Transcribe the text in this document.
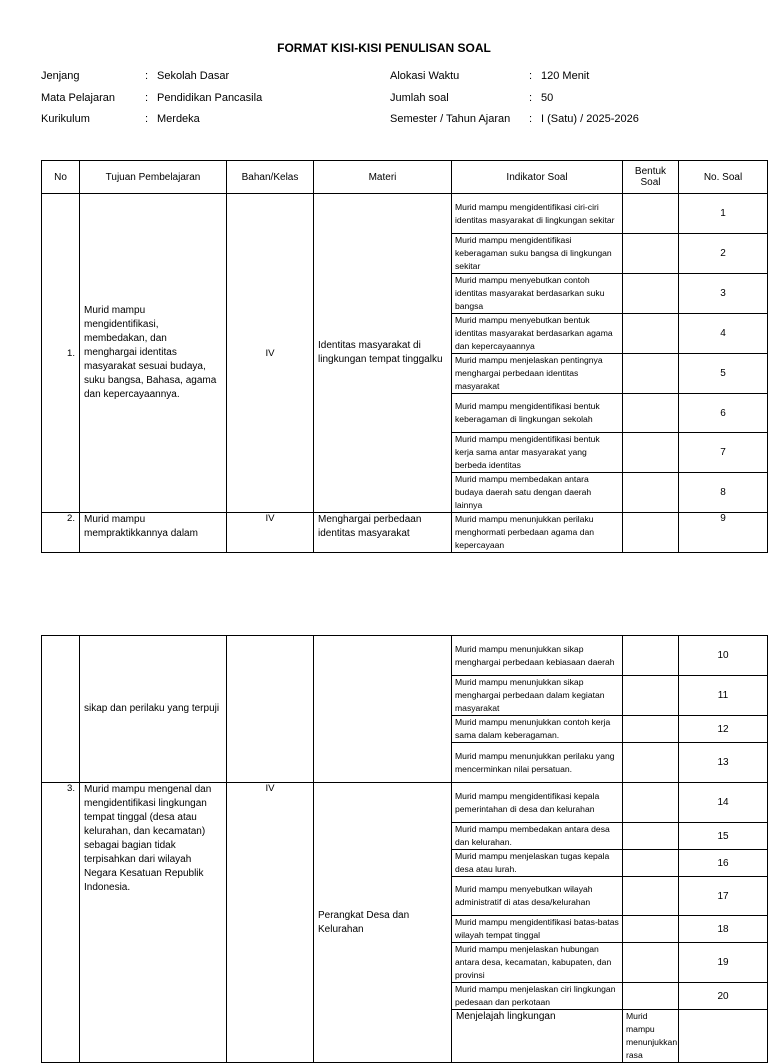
FORMAT KISI-KISI PENULISAN SOAL
Jenjang	: Sekolah Dasar
Mata Pelajaran	: Pendidikan Pancasila
Kurikulum	: Merdeka
Alokasi Waktu	: 120 Menit
Jumlah soal	: 50
Semester / Tahun Ajaran	: I (Satu) / 2025-2026
No	Tujuan Pembelajaran	Bahan/Kelas	Materi	Indikator Soal	Bentuk Soal	No. Soal
1.	Murid mampu mengidentifikasi, membedakan, dan menghargai identitas masyarakat sesuai budaya, suku bangsa, Bahasa, agama dan kepercayaannya.	IV	Identitas masyarakat di lingkungan tempat tinggalku	Murid mampu mengidentifikasi ciri-ciri identitas masyarakat di lingkungan sekitar		1
				Murid mampu mengidentifikasi keberagaman suku bangsa di lingkungan sekitar		2
				Murid mampu menyebutkan contoh identitas masyarakat berdasarkan suku bangsa		3
				Murid mampu menyebutkan bentuk identitas masyarakat berdasarkan agama dan kepercayaannya		4
				Murid mampu menjelaskan pentingnya menghargai perbedaan identitas masyarakat		5
				Murid mampu mengidentifikasi bentuk keberagaman di lingkungan sekolah		6
				Murid mampu mengidentifikasi bentuk kerja sama antar masyarakat yang berbeda identitas		7
				Murid mampu membedakan antara budaya daerah satu dengan daerah lainnya		8
2.	Murid mampu mempraktikkannya dalam	IV	Menghargai perbedaan identitas masyarakat	Murid mampu menunjukkan perilaku menghormati perbedaan agama dan kepercayaan		9
	sikap dan perilaku yang terpuji			Murid mampu menunjukkan sikap menghargai perbedaan kebiasaan daerah		10	
				Murid mampu menunjukkan sikap menghargai perbedaan dalam kegiatan masyarakat		11	
				Murid mampu menunjukkan contoh kerja sama dalam keberagaman.		12	
				Murid mampu menunjukkan perilaku yang mencerminkan nilai persatuan.		13	
3.	Murid mampu mengenal dan mengidentifikasi lingkungan tempat tinggal (desa atau kelurahan, dan kecamatan) sebagai bagian tidak terpisahkan dari wilayah Negara Kesatuan Republik Indonesia.	IV	Perangkat Desa dan Kelurahan	Murid mampu mengidentifikasi kepala pemerintahan di desa dan kelurahan		14	
				Murid mampu membedakan antara desa dan kelurahan.		15	
				Murid mampu menjelaskan tugas kepala desa atau lurah.		16	
				Murid mampu menyebutkan wilayah administratif di atas desa/kelurahan		17	
				Murid mampu mengidentifikasi batas-batas wilayah tempat tinggal		18	
				Murid mampu menjelaskan hubungan antara desa, kecamatan, kabupaten, dan provinsi		19	
				Murid mampu menjelaskan ciri lingkungan pedesaan dan perkotaan		20	
				Menjelajah lingkungan	Murid mampu menunjukkan rasa		
